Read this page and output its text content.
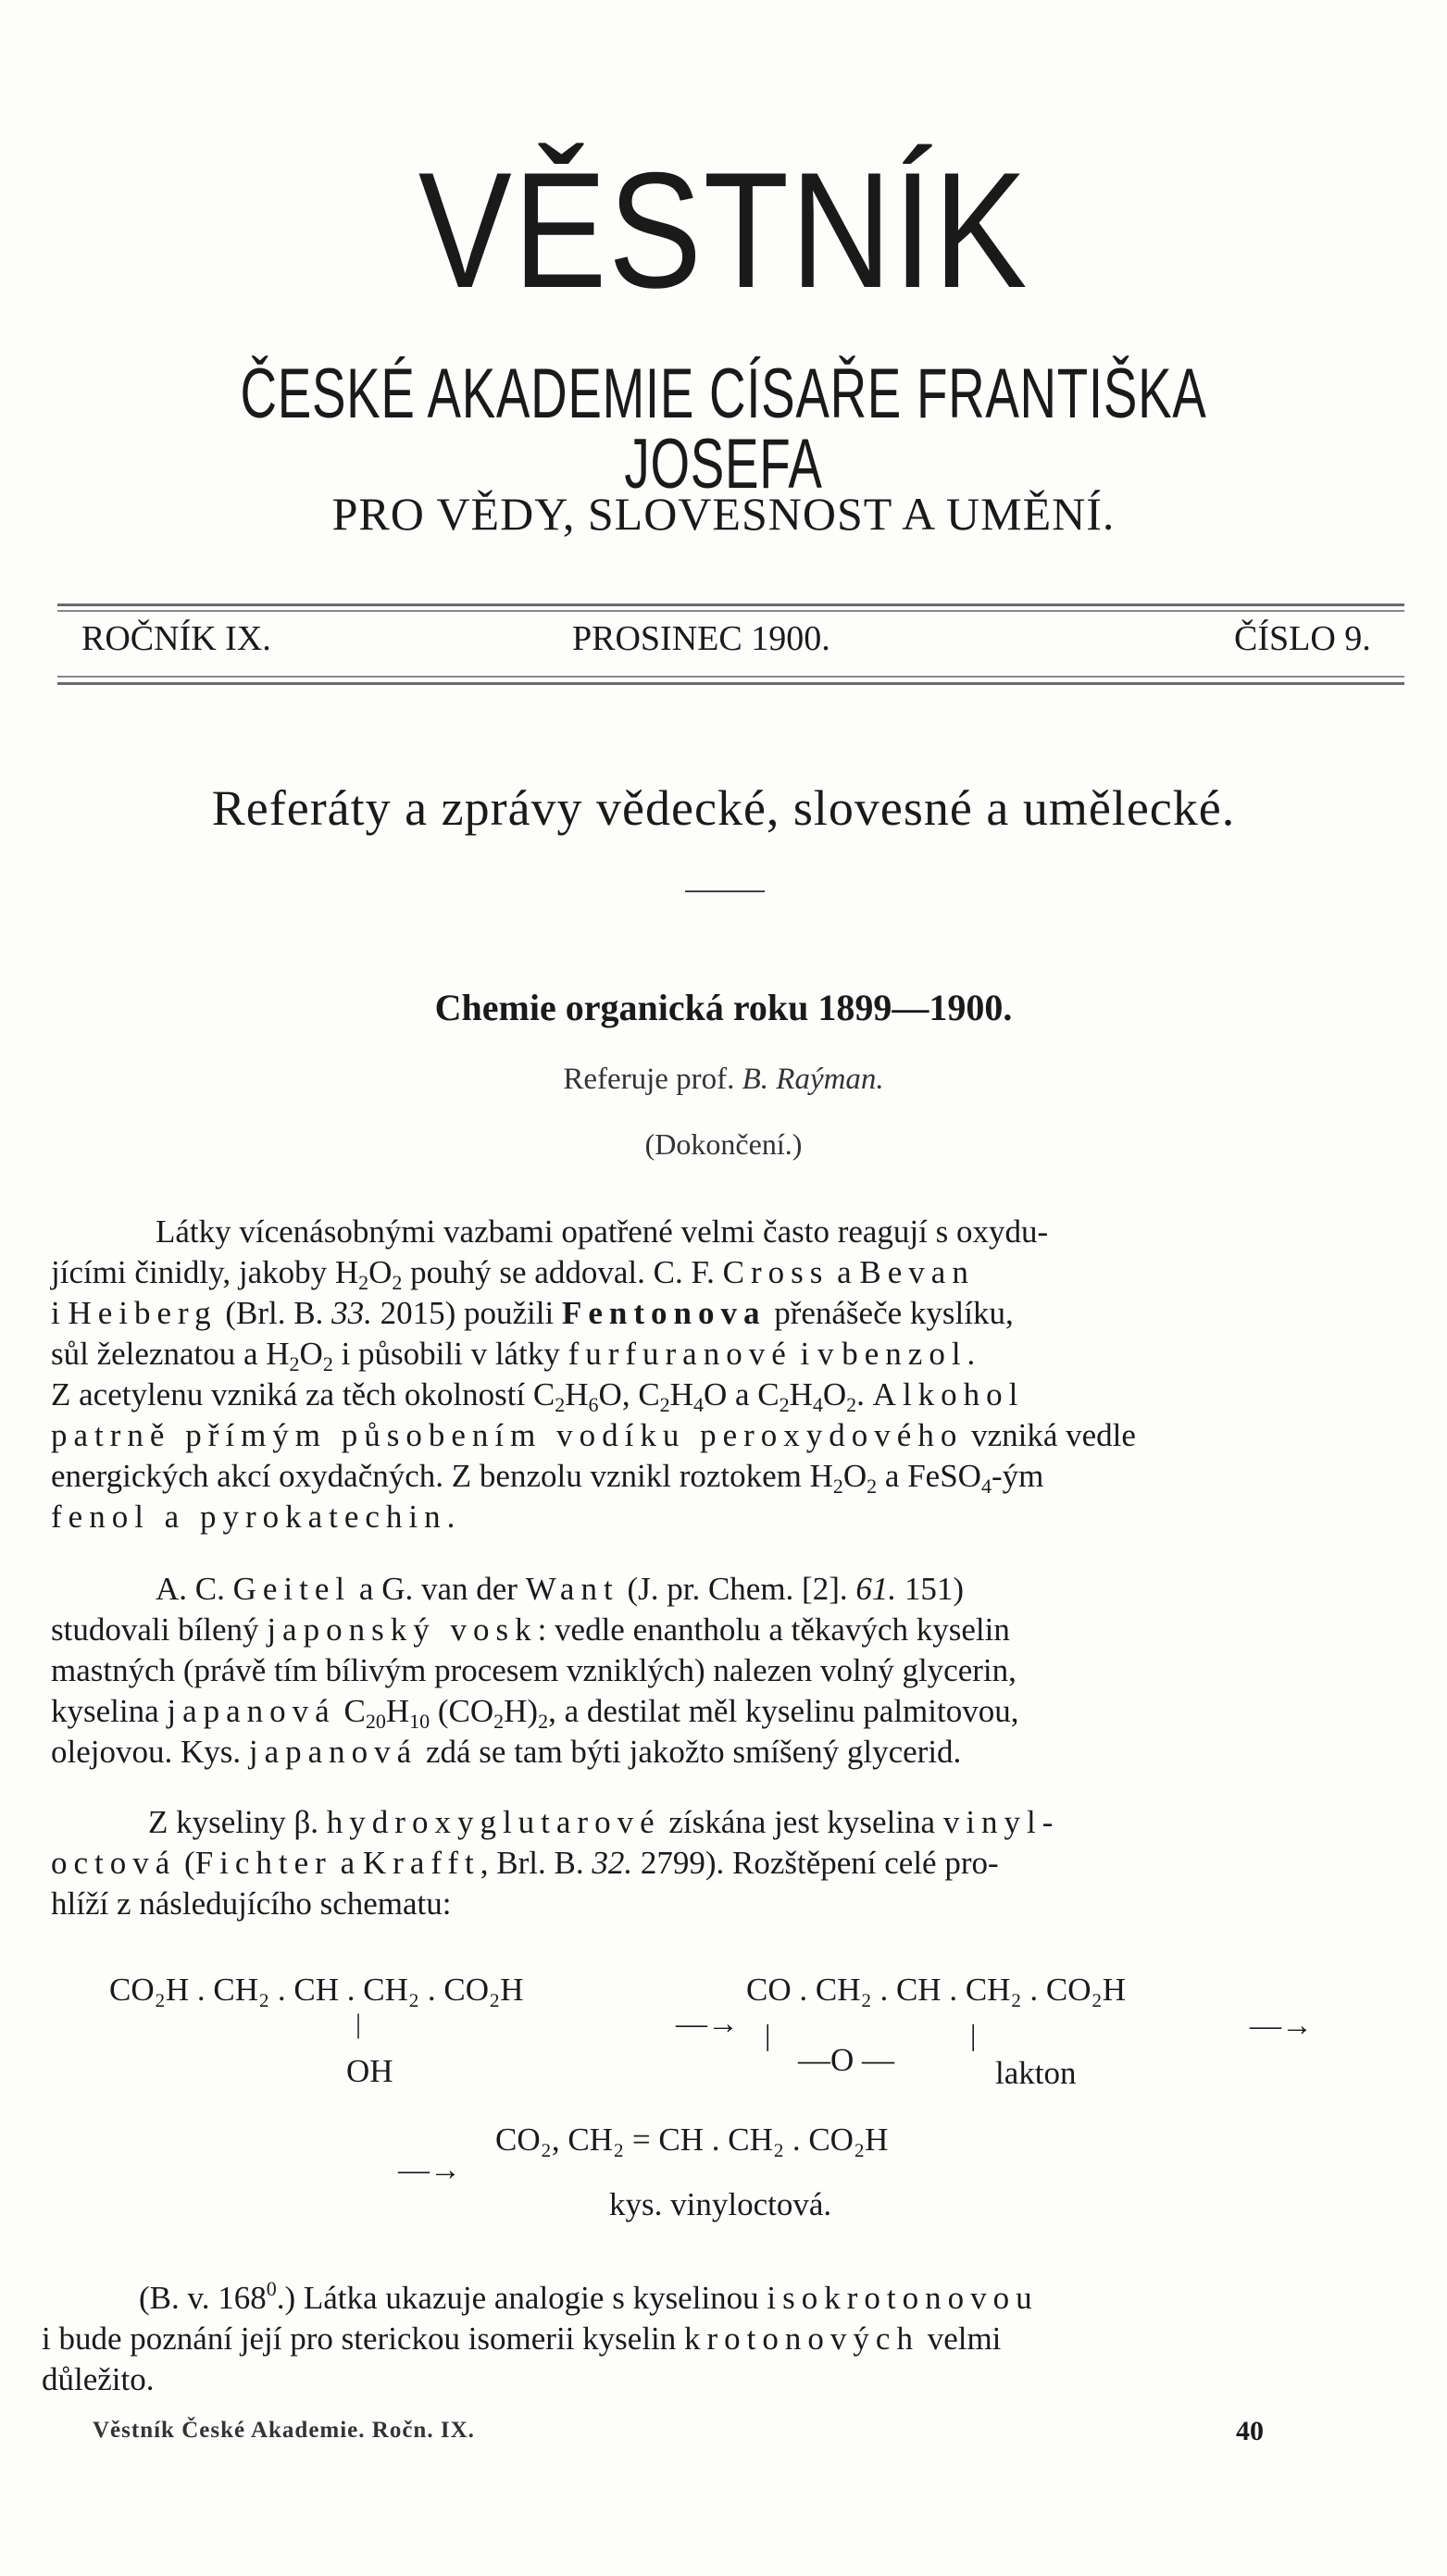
VĚSTNÍK
ČESKÉ AKADEMIE CÍSAŘE FRANTIŠKA JOSEFA
PRO VĚDY, SLOVESNOST A UMĚNÍ.
ROČNÍK IX.	PROSINEC 1900.	ČÍSLO 9.
Referáty a zprávy vědecké, slovesné a umělecké.
Chemie organická roku 1899—1900.
Referuje prof. B. Raýman.
(Dokončení.)
Látky vícenásobnými vazbami opatřené velmi často reagují s oxydu-
jícími činidly, jakoby $H_2O_2$ pouhý se addoval. C. F. Cross a Bevan
i Heiberg (Brl. B. 33. 2015) použili Fentonova přenášeče kyslíku,
sůl železnatou a $H_2O_2$ i působili v látky furfuranové i v benzol.
Z acetylenu vzniká za těch okolností $C_2H_6O$, $C_2H_4O$ a $C_2H_4O_2$. Alkohol
patrně přímým působením vodíku peroxydového vzniká vedle
energických akcí oxydačných. Z benzolu vznikl roztokem $H_2O_2$ a FeSO$_4$-ým
fenol a pyrokatechin.
A. C. Geitel a G. van der Want (J. pr. Chem. [2]. 61. 151)
studovali bílený japonský vosk: vedle enantholu a těkavých kyselin
mastných (právě tím bílivým procesem vzniklých) nalezen volný glycerin,
kyselina japanová $C_{20}H_{10}$ $(CO_2H)_2$, a destilat měl kyselinu palmitovou,
olejovou. Kys. japanová zdá se tam býti jakožto smíšený glycerid.
Z kyseliny β. hydroxyglutarové získána jest kyselina vinyl-
octová (Fichter a Krafft, Brl. B. 32. 2799). Rozštěpení celé pro-
hlíží z následujícího schematu:
CO₂H . CH₂ . CH . CH₂ . CO₂H
|
OH
—→
CO . CH₂ . CH . CH₂ . CO₂H
|
—O —
|
lakton
—→
—→
CO₂, CH₂ = CH . CH₂ . CO₂H
kys. vinyloctová.
(B. v. $168^0$.) Látka ukazuje analogie s kyselinou isokrotonovou
i bude poznání její pro sterickou isomerii kyselin krotonových velmi
důležito.
Věstník České Akademie. Ročn. IX.	40
